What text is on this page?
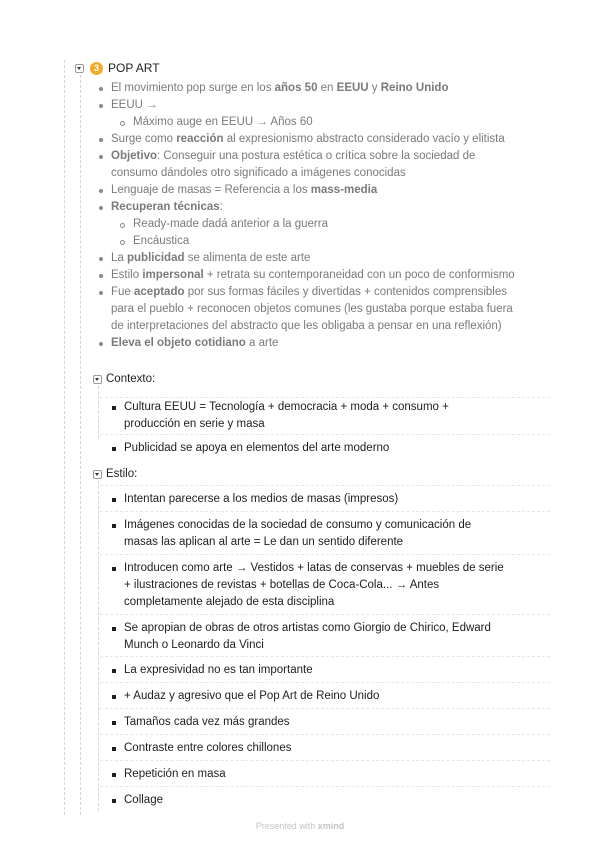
3 POP ART
El movimiento pop surge en los años 50 en EEUU y Reino Unido
EEUU →
Máximo auge en EEUU → Años 60
Surge como reacción al expresionismo abstracto considerado vacío y elitista
Objetivo: Conseguir una postura estética o crítica sobre la sociedad de
consumo dándoles otro significado a imágenes conocidas
Lenguaje de masas = Referencia a los mass-media
Recuperan técnicas:
Ready-made dadá anterior a la guerra
Encáustica
La publicidad se alimenta de este arte
Estilo impersonal + retrata su contemporaneidad con un poco de conformismo
Fue aceptado por sus formas fáciles y divertidas + contenidos comprensibles
para el pueblo + reconocen objetos comunes (les gustaba porque estaba fuera
de interpretaciones del abstracto que les obligaba a pensar en una reflexión)
Eleva el objeto cotidiano a arte
Contexto:
Cultura EEUU = Tecnología + democracia + moda + consumo +
producción en serie y masa
Publicidad se apoya en elementos del arte moderno
Estilo:
Intentan parecerse a los medios de masas (impresos)
Imágenes conocidas de la sociedad de consumo y comunicación de
masas las aplican al arte = Le dan un sentido diferente
Introducen como arte → Vestidos + latas de conservas + muebles de serie
+ ilustraciones de revistas + botellas de Coca-Cola... → Antes
completamente alejado de esta disciplina
Se apropian de obras de otros artistas como Giorgio de Chirico, Edward
Munch o Leonardo da Vinci
La expresividad no es tan importante
+ Audaz y agresivo que el Pop Art de Reino Unido
Tamaños cada vez más grandes
Contraste entre colores chillones
Repetición en masa
Collage
Presented with xmind
